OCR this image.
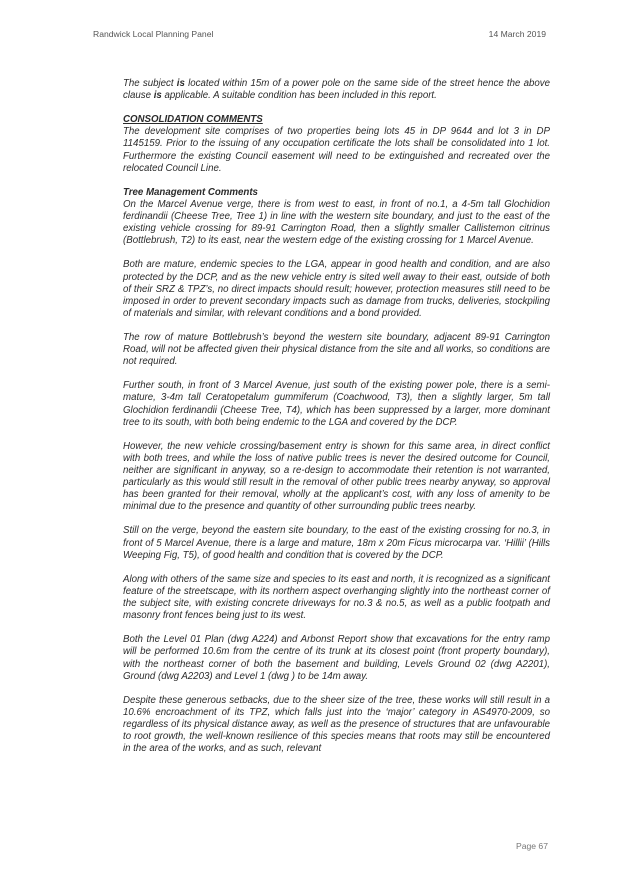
Randwick Local Planning Panel	14 March 2019

The subject is located within 15m of a power pole on the same side of the street hence the above clause is applicable. A suitable condition has been included in this report.

CONSOLIDATION COMMENTS

The development site comprises of two properties being lots 45 in DP 9644 and lot 3 in DP 1145159. Prior to the issuing of any occupation certificate the lots shall be consolidated into 1 lot. Furthermore the existing Council easement will need to be extinguished and recreated over the relocated Council Line.

Tree Management Comments

On the Marcel Avenue verge, there is from west to east, in front of no.1, a 4-5m tall Glochidion ferdinandii (Cheese Tree, Tree 1) in line with the western site boundary, and just to the east of the existing vehicle crossing for 89-91 Carrington Road, then a slightly smaller Callistemon citrinus (Bottlebrush, T2) to its east, near the western edge of the existing crossing for 1 Marcel Avenue.

Both are mature, endemic species to the LGA, appear in good health and condition, and are also protected by the DCP, and as the new vehicle entry is sited well away to their east, outside of both of their SRZ & TPZ’s, no direct impacts should result; however, protection measures still need to be imposed in order to prevent secondary impacts such as damage from trucks, deliveries, stockpiling of materials and similar, with relevant conditions and a bond provided.

The row of mature Bottlebrush’s beyond the western site boundary, adjacent 89-91 Carrington Road, will not be affected given their physical distance from the site and all works, so conditions are not required.

Further south, in front of 3 Marcel Avenue, just south of the existing power pole, there is a semi-mature, 3-4m tall Ceratopetalum gummiferum (Coachwood, T3), then a slightly larger, 5m tall Glochidion ferdinandii (Cheese Tree, T4), which has been suppressed by a larger, more dominant tree to its south, with both being endemic to the LGA and covered by the DCP.

However, the new vehicle crossing/basement entry is shown for this same area, in direct conflict with both trees, and while the loss of native public trees is never the desired outcome for Council, neither are significant in anyway, so a re-design to accommodate their retention is not warranted, particularly as this would still result in the removal of other public trees nearby anyway, so approval has been granted for their removal, wholly at the applicant’s cost, with any loss of amenity to be minimal due to the presence and quantity of other surrounding public trees nearby.

Still on the verge, beyond the eastern site boundary, to the east of the existing crossing for no.3, in front of 5 Marcel Avenue, there is a large and mature, 18m x 20m Ficus microcarpa var. ‘Hillii’ (Hills Weeping Fig, T5), of good health and condition that is covered by the DCP.

Along with others of the same size and species to its east and north, it is recognized as a significant feature of the streetscape, with its northern aspect overhanging slightly into the northeast corner of the subject site, with existing concrete driveways for no.3 & no.5, as well as a public footpath and masonry front fences being just to its west.

Both the Level 01 Plan (dwg A224) and Arbonst Report show that excavations for the entry ramp will be performed 10.6m from the centre of its trunk at its closest point (front property boundary), with the northeast corner of both the basement and building, Levels Ground 02 (dwg A2201), Ground (dwg A2203) and Level 1 (dwg ) to be 14m away.

Despite these generous setbacks, due to the sheer size of the tree, these works will still result in a 10.6% encroachment of its TPZ, which falls just into the ‘major’ category in AS4970-2009, so regardless of its physical distance away, as well as the presence of structures that are unfavourable to root growth, the well-known resilience of this species means that roots may still be encountered in the area of the works, and as such, relevant

Page 67
